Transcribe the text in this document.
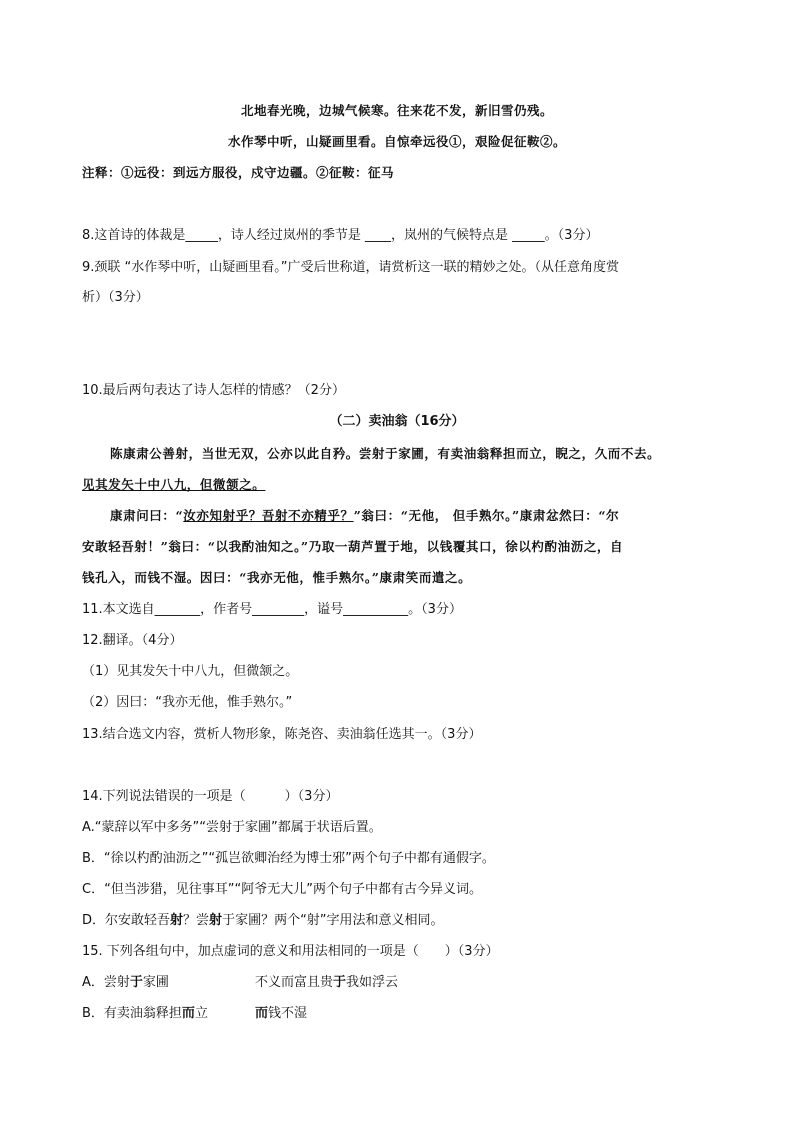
北地春光晚，边城气候寒。往来花不发，新旧雪仍残。
水作琴中听，山疑画里看。自惊牵远役①，艰险促征鞍②。
注释：①远役：到远方服役，戍守边疆。②征鞍：征马
8.这首诗的体裁是_____，诗人经过岚州的季节是 ____，岚州的气候特点是 _____。（3分）
9.颈联 “水作琴中听，山疑画里看。”广受后世称道，请赏析这一联的精妙之处。（从任意角度赏
析）（3分）
10.最后两句表达了诗人怎样的情感？（2分）
（二）卖油翁（16分）
陈康肃公善射，当世无双，公亦以此自矜。尝射于家圃，有卖油翁释担而立，睨之，久而不去。
见其发矢十中八九，但微颔之。
康肃问曰：“汝亦知射乎？吾射不亦精乎？”翁曰：“无他， 但手熟尔。”康肃忿然曰：“尔
安敢轻吾射！”翁曰：“以我酌油知之。”乃取一葫芦置于地，以钱覆其口，徐以杓酌油沥之，自
钱孔入，而钱不湿。因曰：“我亦无他，惟手熟尔。”康肃笑而遣之。
11.本文选自_______，作者号________，谥号__________。（3分）
12.翻译。（4分）
（1）见其发矢十中八九，但微颔之。
（2）因曰：“我亦无他，惟手熟尔。”
13.结合选文内容，赏析人物形象，陈尧咨、卖油翁任选其一。（3分）
14.下列说法错误的一项是（　　　）（3分）
A.“蒙辞以军中多务”“尝射于家圃”都属于状语后置。
B．“徐以杓酌油沥之”“孤岂欲卿治经为博士邪”两个句子中都有通假字。
C．“但当涉猎，见往事耳”“阿爷无大儿”两个句子中都有古今异义词。
D．尔安敢轻吾射？尝射于家圃？两个“射”字用法和意义相同。
15. 下列各组句中，加点虚词的意义和用法相同的一项是（　　）（3分）
A．尝射于家圃	不义而富且贵于我如浮云
B．有卖油翁释担而立	而钱不湿
